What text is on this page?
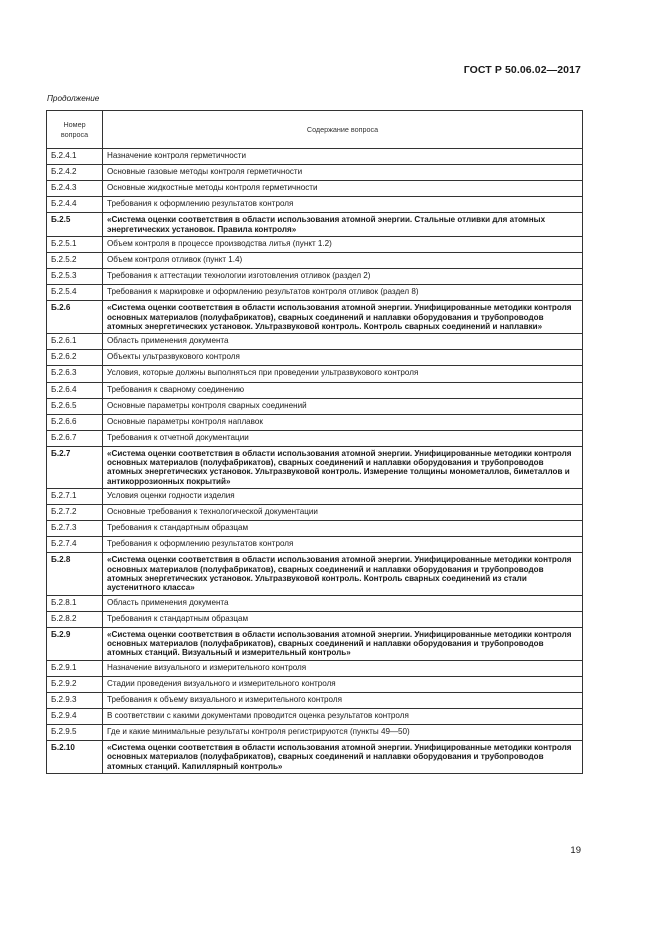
ГОСТ Р 50.06.02—2017
Продолжение
Номер вопроса	Содержание вопроса
Б.2.4.1	Назначение контроля герметичности
Б.2.4.2	Основные газовые методы контроля герметичности
Б.2.4.3	Основные жидкостные методы контроля герметичности
Б.2.4.4	Требования к оформлению результатов контроля
Б.2.5	«Система оценки соответствия в области использования атомной энергии. Стальные отливки для атомных энергетических установок. Правила контроля»
Б.2.5.1	Объем контроля в процессе производства литья (пункт 1.2)
Б.2.5.2	Объем контроля отливок (пункт 1.4)
Б.2.5.3	Требования к аттестации технологии изготовления отливок (раздел 2)
Б.2.5.4	Требования к маркировке и оформлению результатов контроля отливок (раздел 8)
Б.2.6	«Система оценки соответствия в области использования атомной энергии. Унифицированные методики контроля основных материалов (полуфабрикатов), сварных соединений и наплавки оборудования и трубопроводов атомных энергетических установок. Ультразвуковой контроль. Контроль сварных соединений и наплавки»
Б.2.6.1	Область применения документа
Б.2.6.2	Объекты ультразвукового контроля
Б.2.6.3	Условия, которые должны выполняться при проведении ультразвукового контроля
Б.2.6.4	Требования к сварному соединению
Б.2.6.5	Основные параметры контроля сварных соединений
Б.2.6.6	Основные параметры контроля наплавок
Б.2.6.7	Требования к отчетной документации
Б.2.7	«Система оценки соответствия в области использования атомной энергии. Унифицированные методики контроля основных материалов (полуфабрикатов), сварных соединений и наплавки оборудования и трубопроводов атомных энергетических установок. Ультразвуковой контроль. Измерение толщины монометаллов, биметаллов и антикоррозионных покрытий»
Б.2.7.1	Условия оценки годности изделия
Б.2.7.2	Основные требования к технологической документации
Б.2.7.3	Требования к стандартным образцам
Б.2.7.4	Требования к оформлению результатов контроля
Б.2.8	«Система оценки соответствия в области использования атомной энергии. Унифицированные методики контроля основных материалов (полуфабрикатов), сварных соединений и наплавки оборудования и трубопроводов атомных энергетических установок. Ультразвуковой контроль. Контроль сварных соединений из стали аустенитного класса»
Б.2.8.1	Область применения документа
Б.2.8.2	Требования к стандартным образцам
Б.2.9	«Система оценки соответствия в области использования атомной энергии. Унифицированные методики контроля основных материалов (полуфабрикатов), сварных соединений и наплавки оборудования и трубопроводов атомных станций. Визуальный и измерительный контроль»
Б.2.9.1	Назначение визуального и измерительного контроля
Б.2.9.2	Стадии проведения визуального и измерительного контроля
Б.2.9.3	Требования к объему визуального и измерительного контроля
Б.2.9.4	В соответствии с какими документами проводится оценка результатов контроля
Б.2.9.5	Где и какие минимальные результаты контроля регистрируются (пункты 49—50)
Б.2.10	«Система оценки соответствия в области использования атомной энергии. Унифицированные методики контроля основных материалов (полуфабрикатов), сварных соединений и наплавки оборудования и трубопроводов атомных станций. Капиллярный контроль»
19
